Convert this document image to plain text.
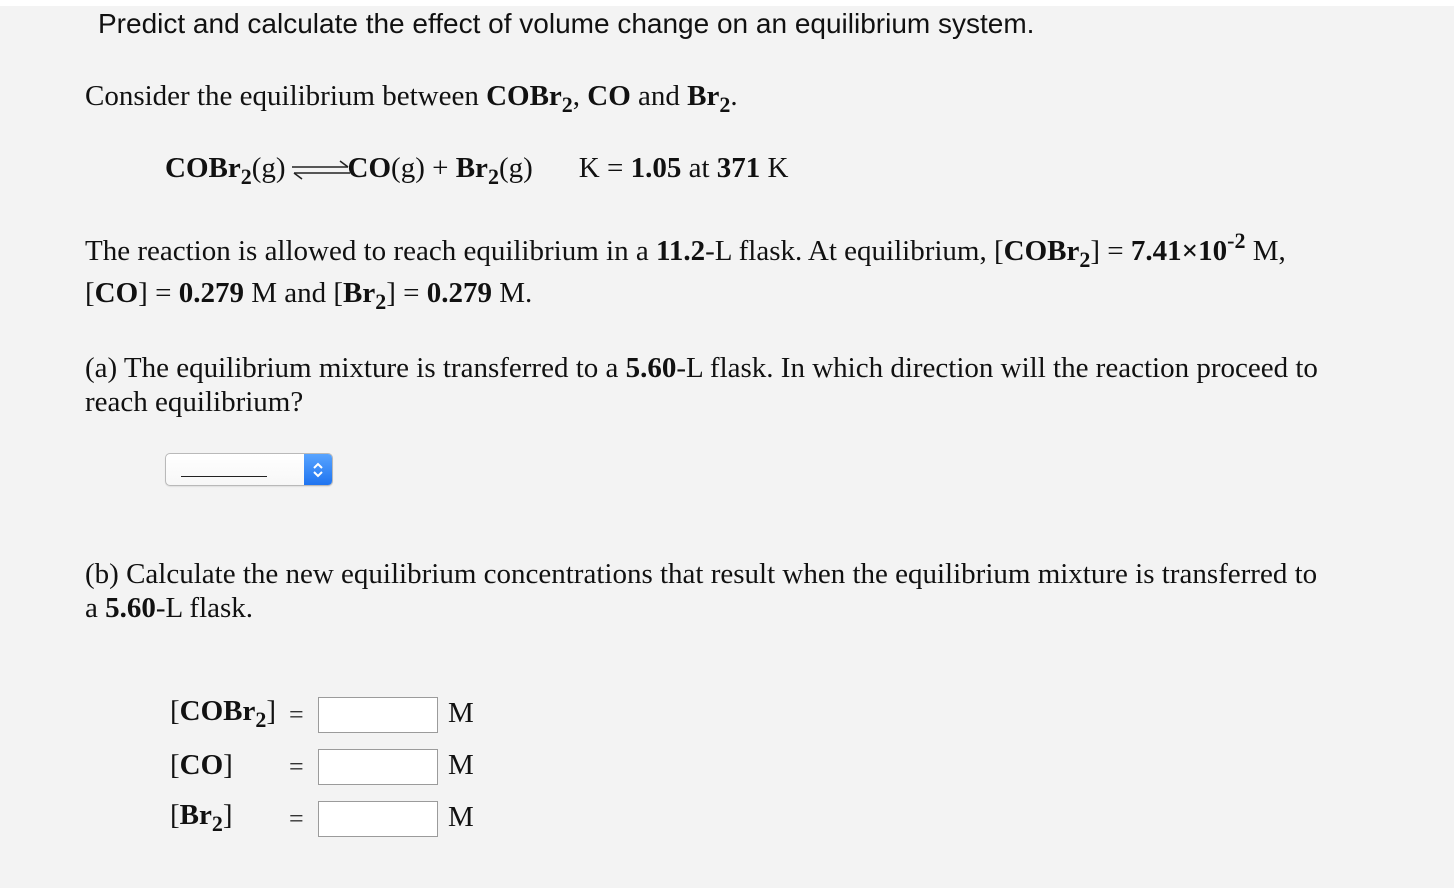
Predict and calculate the effect of volume change on an equilibrium system.
Consider the equilibrium between COBr$_2$, CO and $Br_2$.
COBr$_2$(g) ⇌CO(g) + $Br_2(g) K = 1.05$ at 371 K
The reaction is allowed to reach equilibrium in a 11.2-L flask. At equilibrium, [COBr$_2$] = $7.41\times 10^{-2}$ M,
[CO] = 0.279 M and $[Br_2] = 0.279$ M.
(a) The equilibrium mixture is transferred to a 5.60-L flask. In which direction will the reaction proceed to
reach equilibrium?
(b) Calculate the new equilibrium concentrations that result when the equilibrium mixture is transferred to
a 5.60-L flask.
[COBr$_2$] =	M
[CO] =	M
$[Br_2]$ =	M
